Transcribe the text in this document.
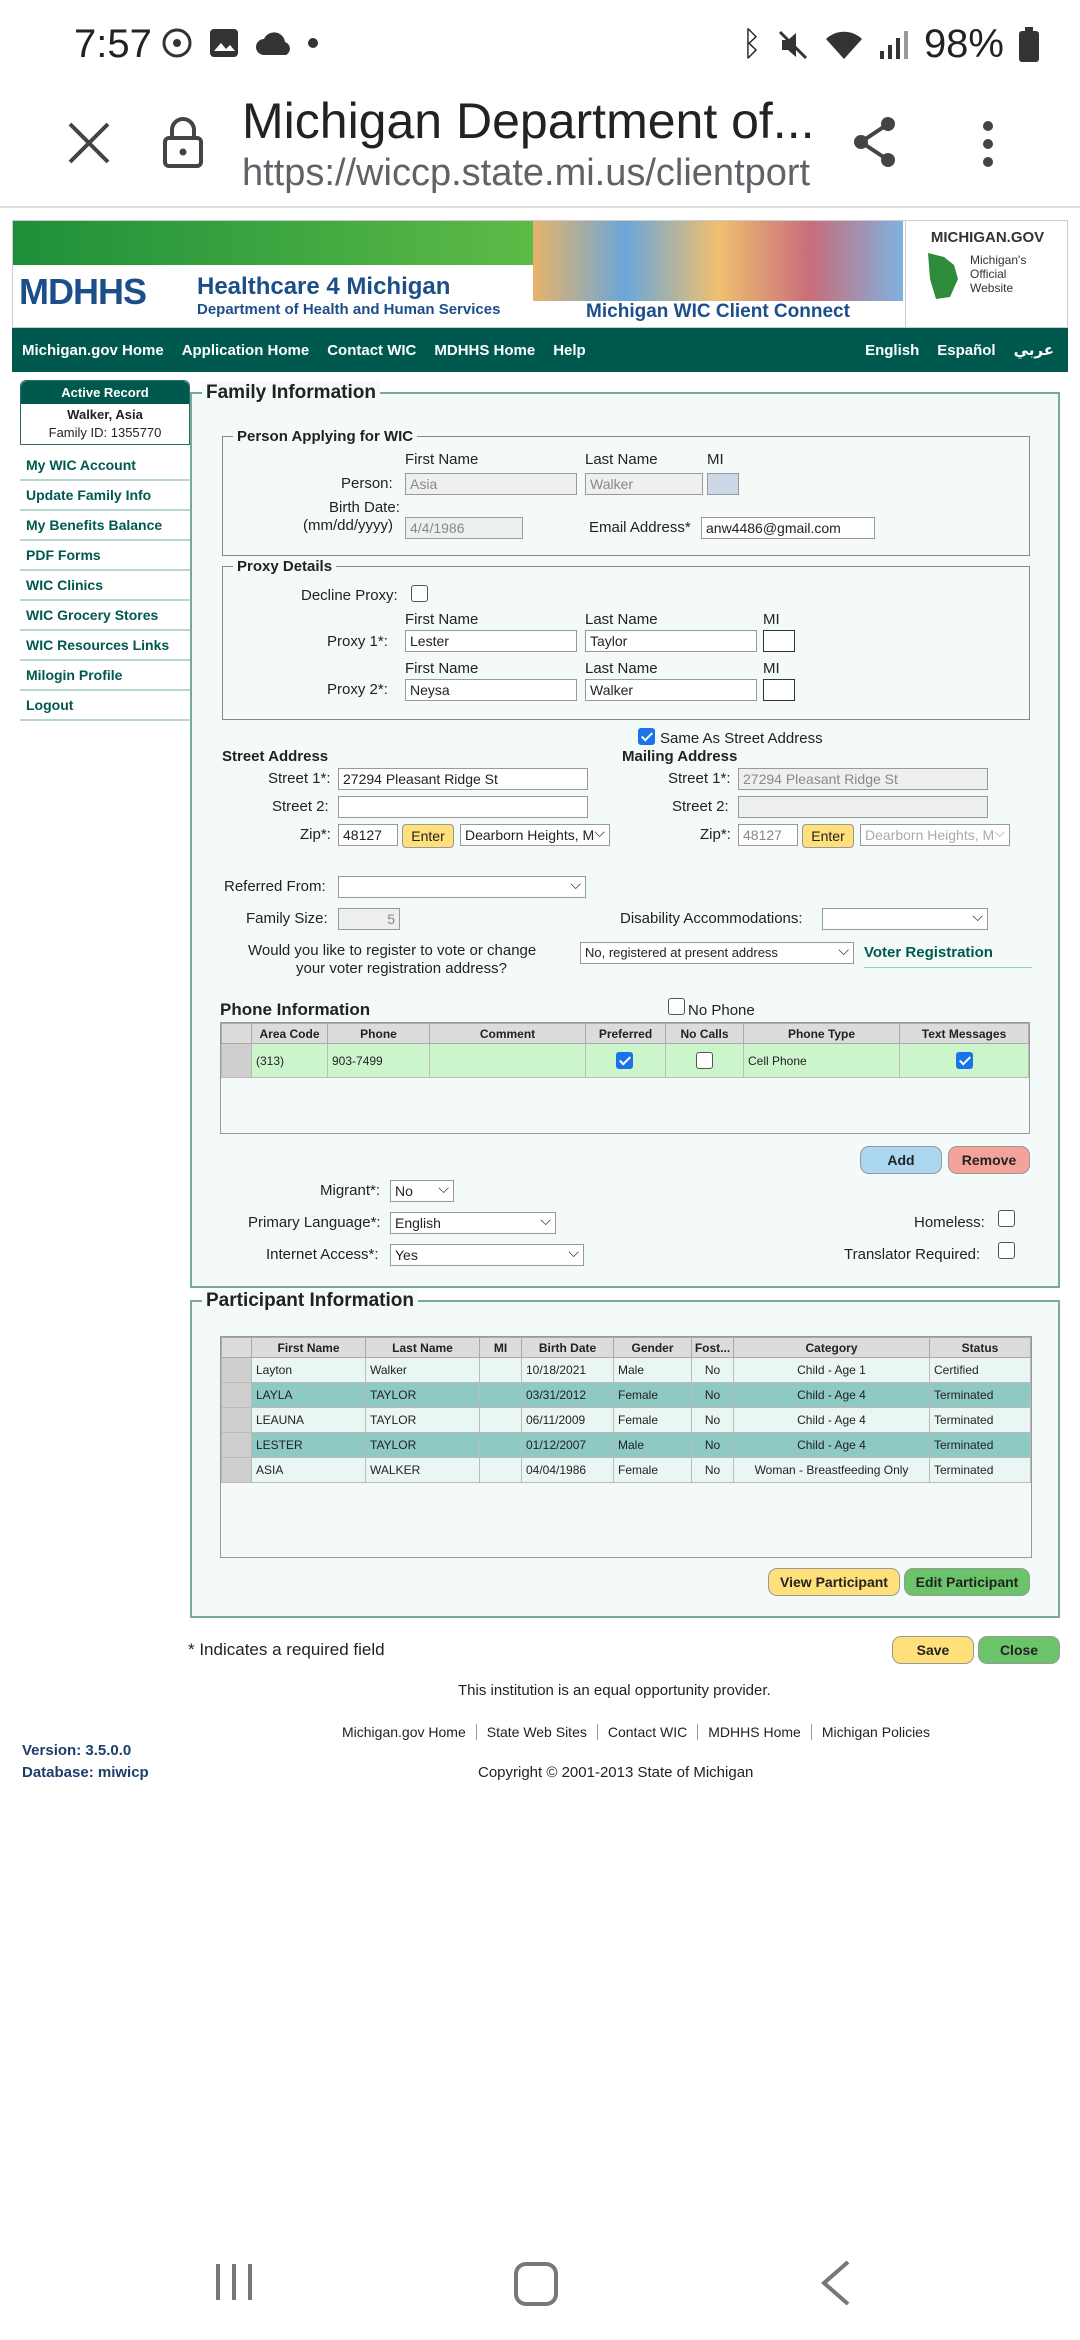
7:57	ᛒ	98%
Michigan Department of...
https://wiccp.state.mi.us/clientport
MDHHS Healthcare 4 Michigan
Department of Health and Human Services	Michigan WIC Client Connect
MICHIGAN.GOV
Michigan's Official Website
Michigan.gov Home Application Home Contact WIC MDHHS Home Help	English Español عربي
Active Record
Walker, Asia
Family ID: 1355770
My WIC Account
Update Family Info
My Benefits Balance
PDF Forms
WIC Clinics
WIC Grocery Stores
WIC Resources Links
Milogin Profile
Logout
Family Information
Person Applying for WIC
First Name	Last Name	MI
Person:	Asia	Walker
Birth Date:
(mm/dd/yyyy)	4/4/1986	Email Address*	anw4486@gmail.com
Proxy Details
Decline Proxy:
First Name	Last Name	MI
Proxy 1*:	Lester	Taylor
First Name	Last Name	MI
Proxy 2*:	Neysa	Walker
Same As Street Address
Street Address	Mailing Address
Street 1*: 27294 Pleasant Ridge St
Street 2:
Zip*: 48127	Enter	Dearborn Heights, M ⌵
Street 1*: 27294 Pleasant Ridge St
Street 2:
Zip*: 48127	Enter	Dearborn Heights, M ⌵
Referred From:
⌵
Family Size:	5	Disability Accommodations:
⌵
Would you like to register to vote or change
your voter registration address?
No, registered at present address ⌵	Voter Registration
Phone Information	No Phone
	Area Code	Phone	Comment	Preferred	No Calls	Phone Type	Text Messages
	(313)	903-7499				Cell Phone	
Add	Remove
Migrant*:	No ⌵
Primary Language*:	English ⌵
Internet Access*:	Yes ⌵
Homeless:
Translator Required:
Participant Information
	First Name	Last Name	MI	Birth Date	Gender	Fost...	Category	Status
	Layton	Walker		10/18/2021	Male	No	Child - Age 1	Certified
	LAYLA	TAYLOR		03/31/2012	Female	No	Child - Age 4	Terminated
	LEAUNA	TAYLOR		06/11/2009	Female	No	Child - Age 4	Terminated
	LESTER	TAYLOR		01/12/2007	Male	No	Child - Age 4	Terminated
	ASIA	WALKER		04/04/1986	Female	No	Woman - Breastfeeding Only	Terminated
View Participant	Edit Participant
* Indicates a required field	Save	Close
This institution is an equal opportunity provider.
Michigan.gov Home	State Web Sites	Contact WIC	MDHHS Home	Michigan Policies
Copyright © 2001-2013 State of Michigan
Version: 3.5.0.0
Database: miwicp
